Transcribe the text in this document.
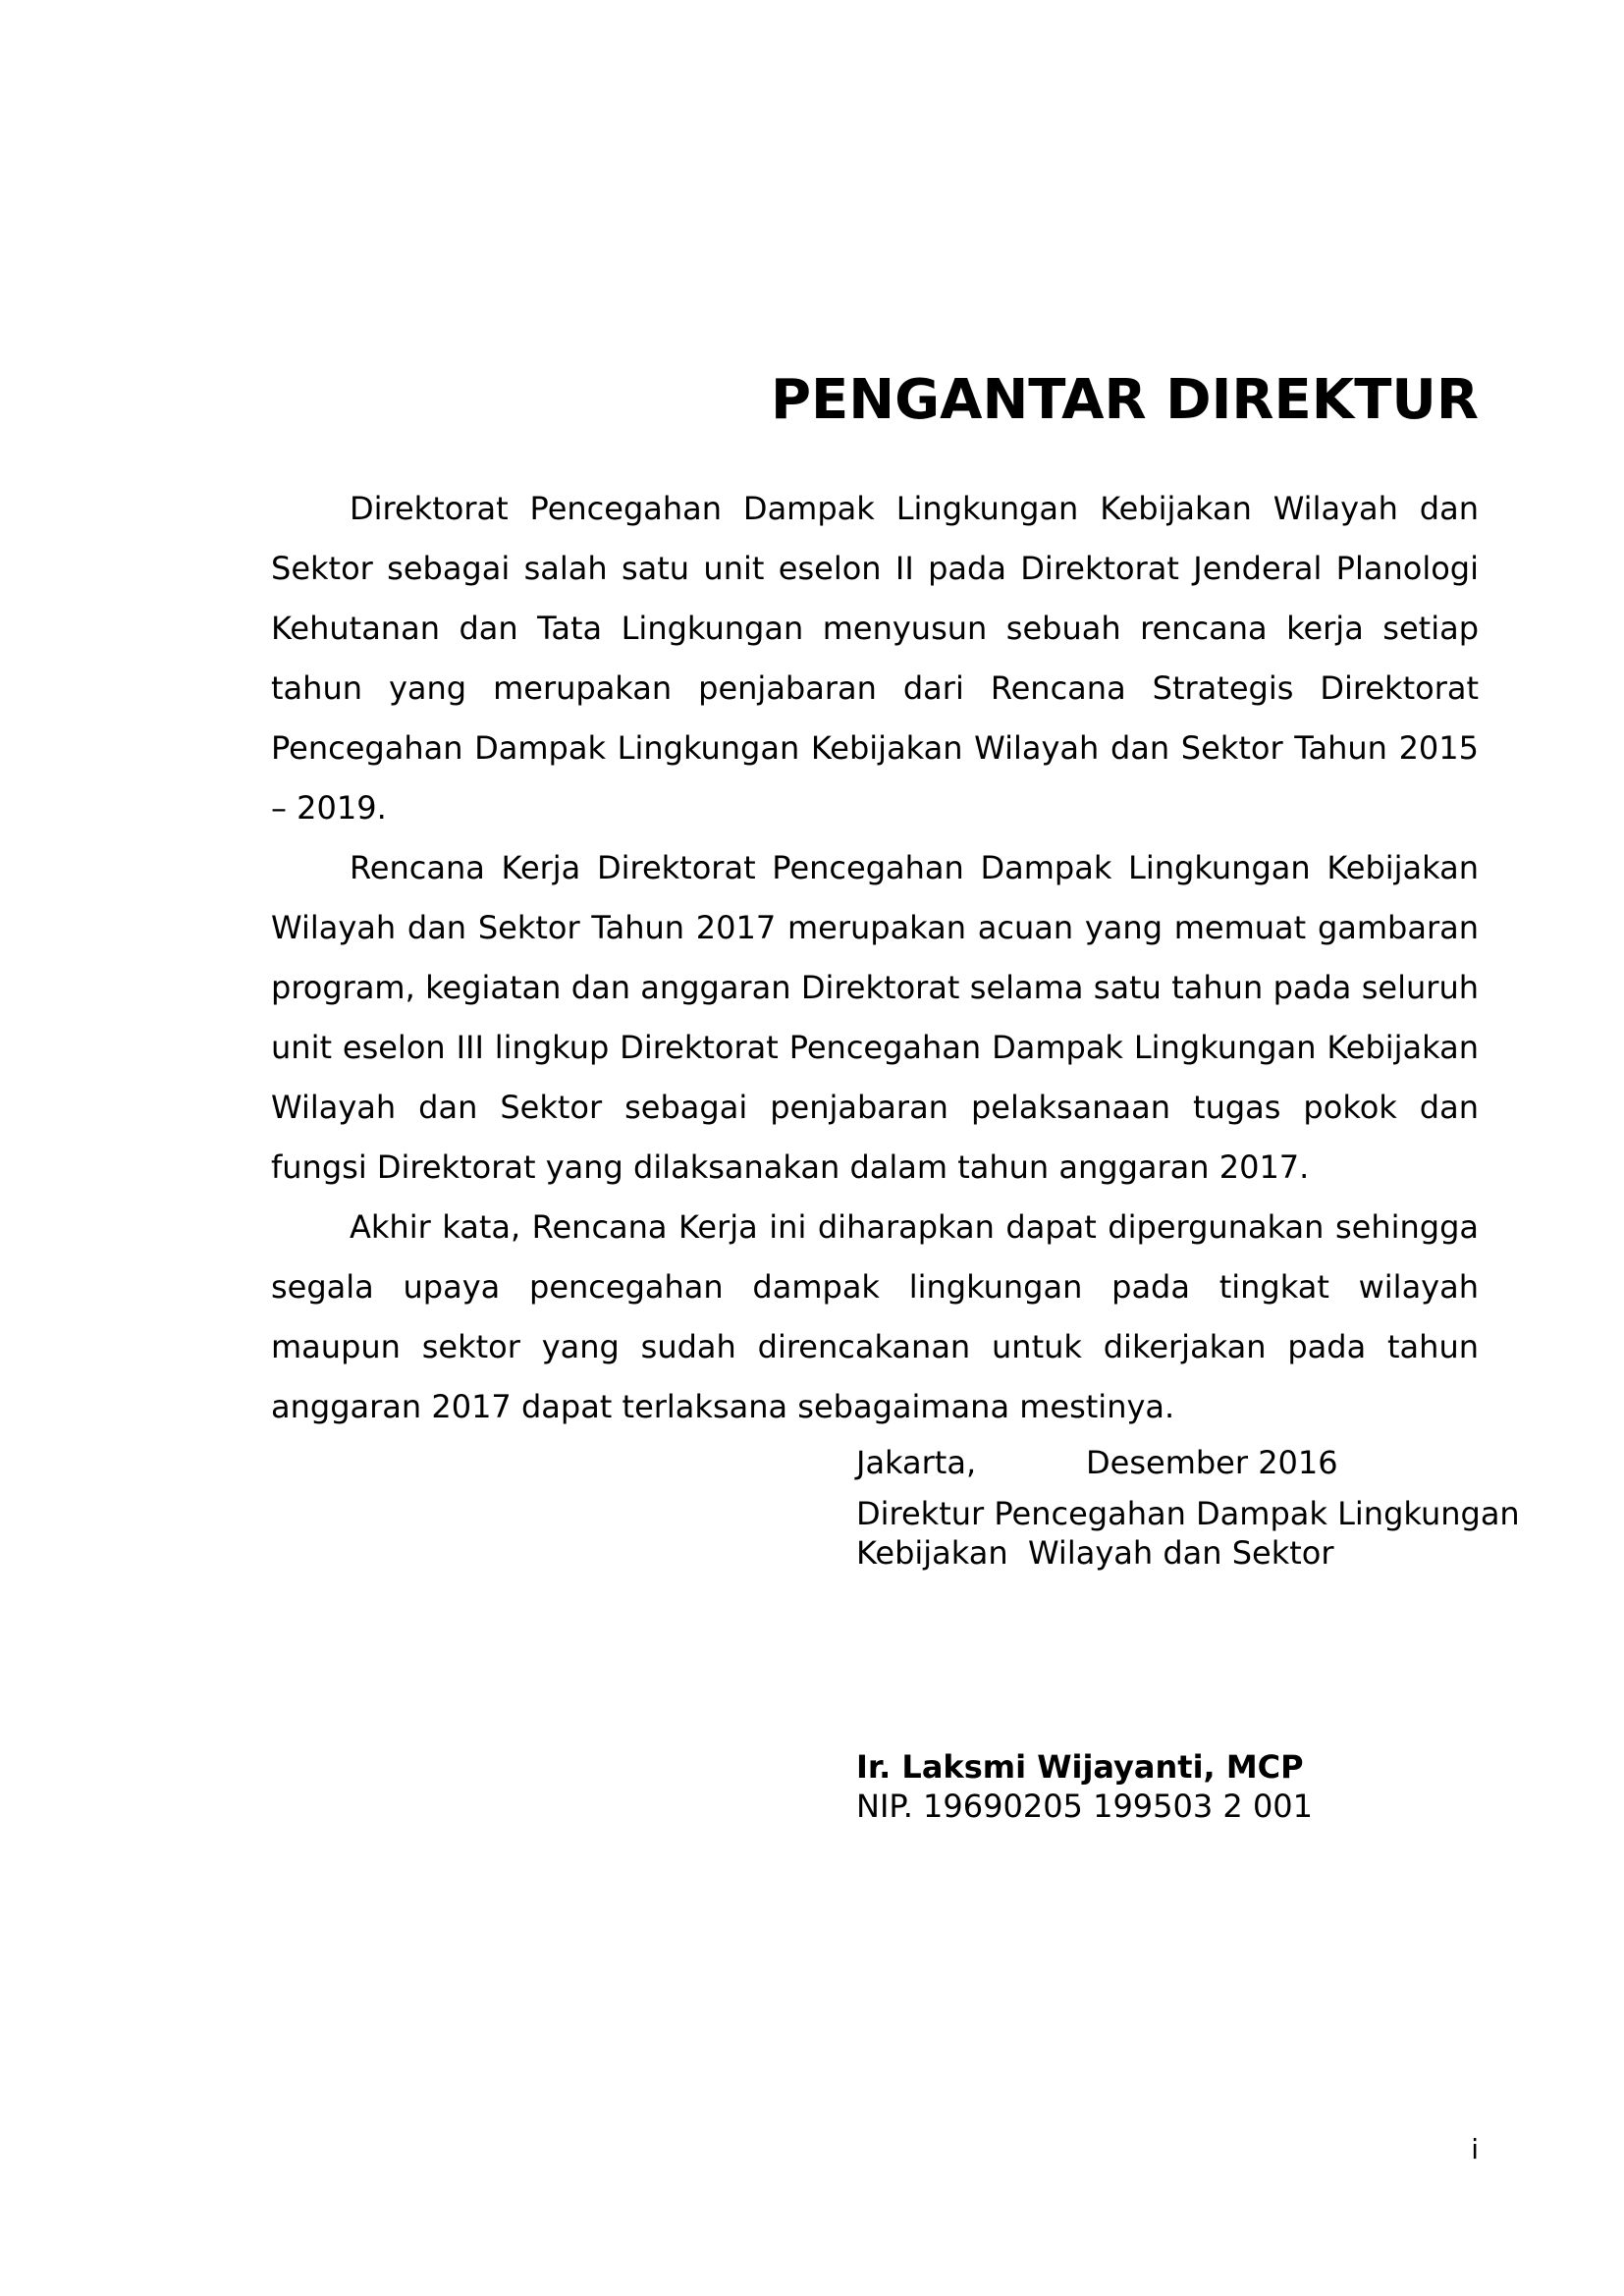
PENGANTAR DIREKTUR

Direktorat Pencegahan Dampak Lingkungan Kebijakan Wilayah dan Sektor sebagai salah satu unit eselon II pada Direktorat Jenderal Planologi Kehutanan dan Tata Lingkungan menyusun sebuah rencana kerja setiap tahun yang merupakan penjabaran dari Rencana Strategis Direktorat Pencegahan Dampak Lingkungan Kebijakan Wilayah dan Sektor Tahun 2015 – 2019.

Rencana Kerja Direktorat Pencegahan Dampak Lingkungan Kebijakan Wilayah dan Sektor Tahun 2017 merupakan acuan yang memuat gambaran program, kegiatan dan anggaran Direktorat selama satu tahun pada seluruh unit eselon III lingkup Direktorat Pencegahan Dampak Lingkungan Kebijakan Wilayah dan Sektor sebagai penjabaran pelaksanaan tugas pokok dan fungsi Direktorat yang dilaksanakan dalam tahun anggaran 2017.

Akhir kata, Rencana Kerja ini diharapkan dapat dipergunakan sehingga segala upaya pencegahan dampak lingkungan pada tingkat wilayah maupun sektor yang sudah direncakanan untuk dikerjakan pada tahun anggaran 2017 dapat terlaksana sebagaimana mestinya.

Jakarta,           Desember 2016
Direktur Pencegahan Dampak Lingkungan
Kebijakan  Wilayah dan Sektor
Ir. Laksmi Wijayanti, MCP
NIP. 19690205 199503 2 001
i
